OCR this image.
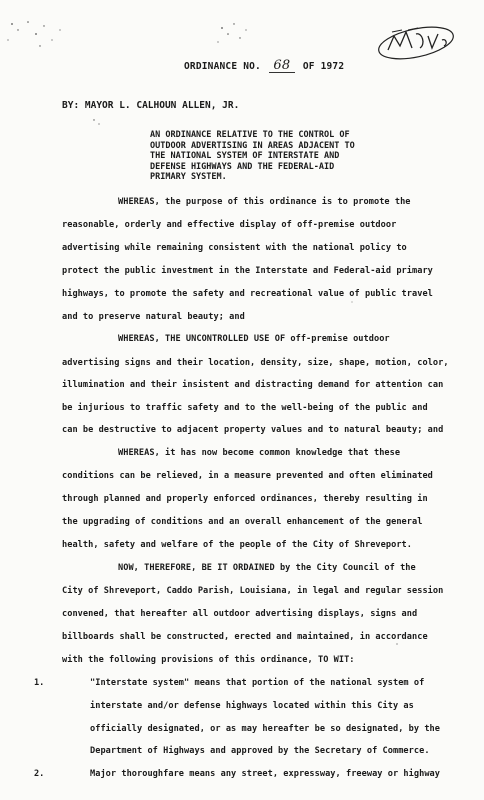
ORDINANCE NO. 68 OF 1972
BY: MAYOR L. CALHOUN ALLEN, JR.
AN ORDINANCE RELATIVE TO THE CONTROL OF
OUTDOOR ADVERTISING IN AREAS ADJACENT TO
THE NATIONAL SYSTEM OF INTERSTATE AND
DEFENSE HIGHWAYS AND THE FEDERAL-AID
PRIMARY SYSTEM.
WHEREAS, the purpose of this ordinance is to promote the
reasonable, orderly and effective display of off-premise outdoor
advertising while remaining consistent with the national policy to
protect the public investment in the Interstate and Federal-aid primary
highways, to promote the safety and recreational value of public travel
and to preserve natural beauty; and
WHEREAS, THE UNCONTROLLED USE OF off-premise outdoor
advertising signs and their location, density, size, shape, motion, color,
illumination and their insistent and distracting demand for attention can
be injurious to traffic safety and to the well-being of the public and
can be destructive to adjacent property values and to natural beauty; and
WHEREAS, it has now become common knowledge that these
conditions can be relieved, in a measure prevented and often eliminated
through planned and properly enforced ordinances, thereby resulting in
the upgrading of conditions and an overall enhancement of the general
health, safety and welfare of the people of the City of Shreveport.
NOW, THEREFORE, BE IT ORDAINED by the City Council of the
City of Shreveport, Caddo Parish, Louisiana, in legal and regular session
convened, that hereafter all outdoor advertising displays, signs and
billboards shall be constructed, erected and maintained, in accordance
with the following provisions of this ordinance, TO WIT:
1.	"Interstate system" means that portion of the national system of
interstate and/or defense highways located within this City as
officially designated, or as may hereafter be so designated, by the
Department of Highways and approved by the Secretary of Commerce.
2.	Major thoroughfare means any street, expressway, freeway or highway
